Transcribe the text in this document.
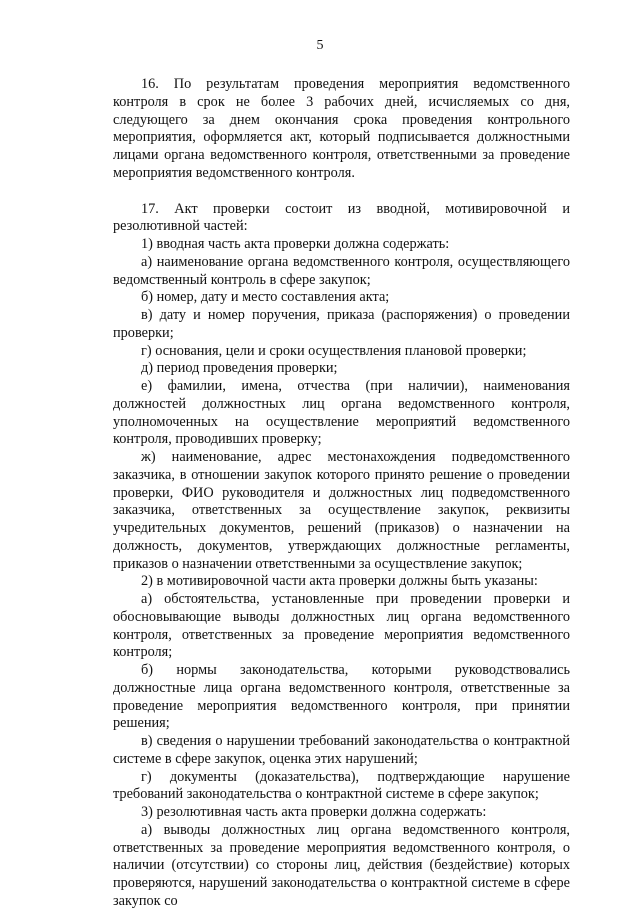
5

16. По результатам проведения мероприятия ведомственного контроля в срок не более 3 рабочих дней, исчисляемых со дня, следующего за днем окончания срока проведения контрольного мероприятия, оформляется акт, который подписывается должностными лицами органа ведомственного контроля, ответственными за проведение мероприятия ведомственного контроля.

17. Акт проверки состоит из вводной, мотивировочной и резолютивной частей:

1) вводная часть акта проверки должна содержать:

а) наименование органа ведомственного контроля, осуществляющего ведомственный контроль в сфере закупок;

б) номер, дату и место составления акта;

в) дату и номер поручения, приказа (распоряжения) о проведении проверки;

г) основания, цели и сроки осуществления плановой проверки;

д) период проведения проверки;

е) фамилии, имена, отчества (при наличии), наименования должностей должностных лиц органа ведомственного контроля, уполномоченных на осуществление мероприятий ведомственного контроля, проводивших проверку;

ж) наименование, адрес местонахождения подведомственного заказчика, в отношении закупок которого принято решение о проведении проверки, ФИО руководителя и должностных лиц подведомственного заказчика, ответственных за осуществление закупок, реквизиты учредительных документов, решений (приказов) о назначении на должность, документов, утверждающих должностные регламенты, приказов о назначении ответственными за осуществление закупок;

2) в мотивировочной части акта проверки должны быть указаны:

а) обстоятельства, установленные при проведении проверки и обосновывающие выводы должностных лиц органа ведомственного контроля, ответственных за проведение мероприятия ведомственного контроля;

б) нормы законодательства, которыми руководствовались должностные лица органа ведомственного контроля, ответственные за проведение мероприятия ведомственного контроля, при принятии решения;

в) сведения о нарушении требований законодательства о контрактной системе в сфере закупок, оценка этих нарушений;

г) документы (доказательства), подтверждающие нарушение требований законодательства о контрактной системе в сфере закупок;

3) резолютивная часть акта проверки должна содержать:

а) выводы должностных лиц органа ведомственного контроля, ответственных за проведение мероприятия ведомственного контроля, о наличии (отсутствии) со стороны лиц, действия (бездействие) которых проверяются, нарушений законодательства о контрактной системе в сфере закупок со
